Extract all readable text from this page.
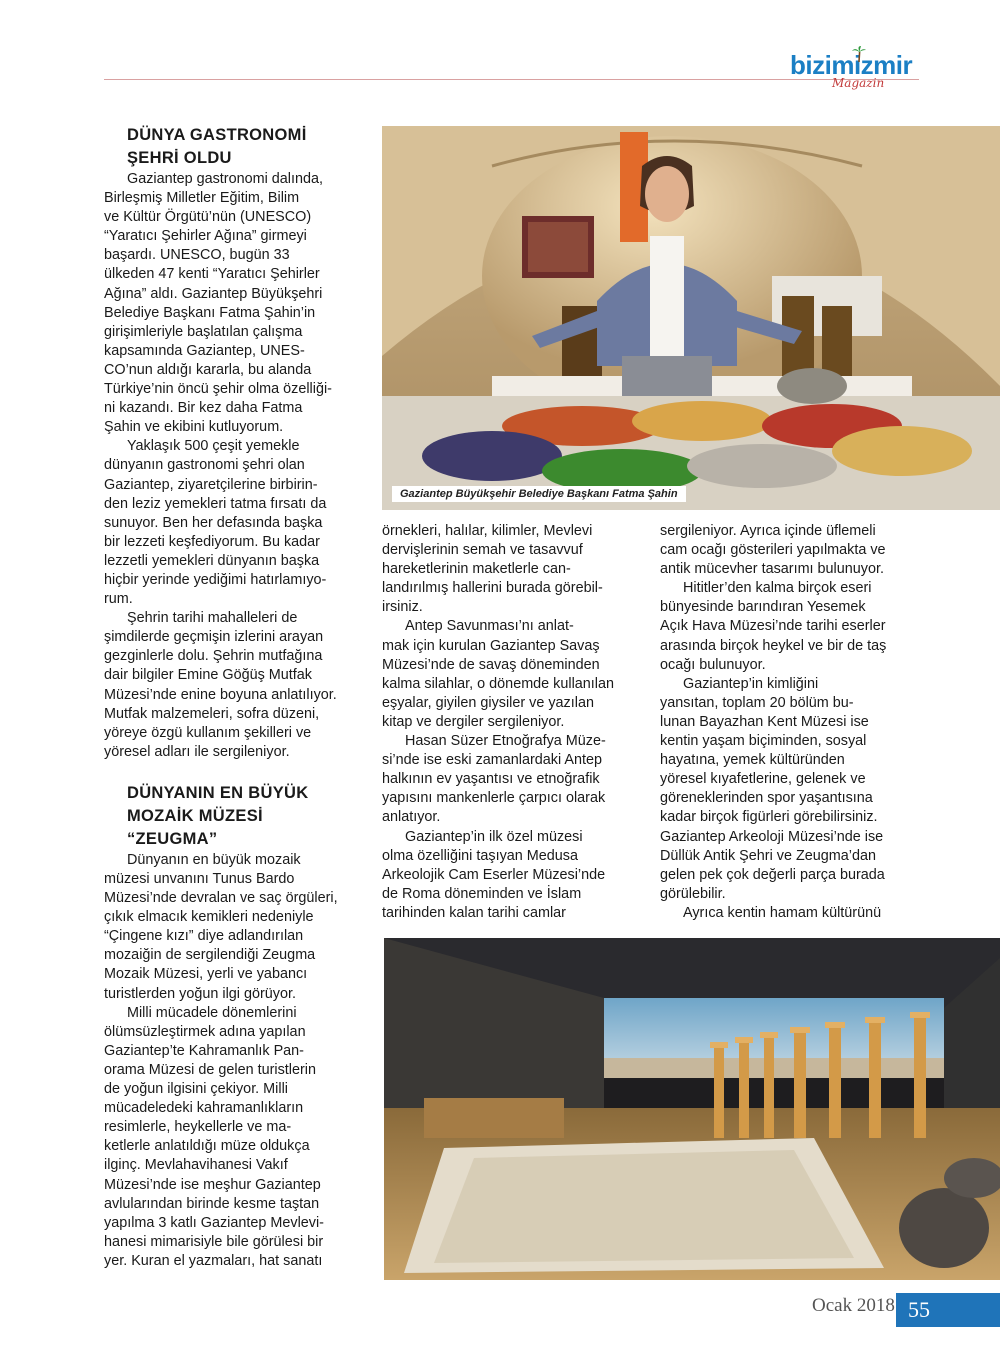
bizimizmir
Magazin
DÜNYA GASTRONOMİ
ŞEHRİ OLDU

Gaziantep gastronomi dalında,
Birleşmiş Milletler Eğitim, Bilim
ve Kültür Örgütü’nün (UNESCO)
“Yaratıcı Şehirler Ağına” girmeyi
başardı. UNESCO, bugün 33
ülkeden 47 kenti “Yaratıcı Şehirler
Ağına” aldı. Gaziantep Büyükşehri
Belediye Başkanı Fatma Şahin’in
girişimleriyle başlatılan çalışma
kapsamında Gaziantep, UNES-
CO’nun aldığı kararla, bu alanda
Türkiye’nin öncü şehir olma özelliği-
ni kazandı. Bir kez daha Fatma
Şahin ve ekibini kutluyorum.

Yaklaşık 500 çeşit yemekle
dünyanın gastronomi şehri olan
Gaziantep, ziyaretçilerine birbirin-
den leziz yemekleri tatma fırsatı da
sunuyor. Ben her defasında başka
bir lezzeti keşfediyorum. Bu kadar
lezzetli yemekleri dünyanın başka
hiçbir yerinde yediğimi hatırlamıyo-
rum.

Şehrin tarihi mahalleleri de
şimdilerde geçmişin izlerini arayan
gezginlerle dolu. Şehrin mutfağına
dair bilgiler Emine Göğüş Mutfak
Müzesi’nde enine boyuna anlatılıyor.
Mutfak malzemeleri, sofra düzeni,
yöreye özgü kullanım şekilleri ve
yöresel adları ile sergileniyor.

DÜNYANIN EN BÜYÜK
MOZAİK MÜZESİ
“ZEUGMA”

Dünyanın en büyük mozaik
müzesi unvanını Tunus Bardo
Müzesi’nde devralan ve saç örgüleri,
çıkık elmacık kemikleri nedeniyle
“Çingene kızı” diye adlandırılan
mozaiğin de sergilendiği Zeugma
Mozaik Müzesi, yerli ve yabancı
turistlerden yoğun ilgi görüyor.

Milli mücadele dönemlerini
ölümsüzleştirmek adına yapılan
Gaziantep’te Kahramanlık Pan-
orama Müzesi de gelen turistlerin
de yoğun ilgisini çekiyor. Milli
mücadeledeki kahramanlıkların
resimlerle, heykellerle ve ma-
ketlerle anlatıldığı müze oldukça
ilginç. Mevlahavihanesi Vakıf
Müzesi’nde ise meşhur Gaziantep
avlularından birinde kesme taştan
yapılma 3 katlı Gaziantep Mevlevi-
hanesi mimarisiyle bile görülesi bir
yer. Kuran el yazmaları, hat sanatı

Gaziantep Büyükşehir Belediye Başkanı Fatma Şahin

örnekleri, halılar, kilimler, Mevlevi
dervişlerinin semah ve tasavvuf
hareketlerinin maketlerle can-
landırılmış hallerini burada görebil-
irsiniz.

Antep Savunması’nı anlat-
mak için kurulan Gaziantep Savaş
Müzesi’nde de savaş döneminden
kalma silahlar, o dönemde kullanılan
eşyalar, giyilen giysiler ve yazılan
kitap ve dergiler sergileniyor.

Hasan Süzer Etnoğrafya Müze-
si’nde ise eski zamanlardaki Antep
halkının ev yaşantısı ve etnoğrafik
yapısını mankenlerle çarpıcı olarak
anlatıyor.

Gaziantep’in ilk özel müzesi
olma özelliğini taşıyan Medusa
Arkeolojik Cam Eserler Müzesi’nde
de Roma döneminden ve İslam
tarihinden kalan tarihi camlar

sergileniyor. Ayrıca içinde üflemeli
cam ocağı gösterileri yapılmakta ve
antik mücevher tasarımı bulunuyor.

Hititler’den kalma birçok eseri
bünyesinde barındıran Yesemek
Açık Hava Müzesi’nde tarihi eserler
arasında birçok heykel ve bir de taş
ocağı bulunuyor.

Gaziantep’in kimliğini
yansıtan, toplam 20 bölüm bu-
lunan Bayazhan Kent Müzesi ise
kentin yaşam biçiminden, sosyal
hayatına, yemek kültüründen
yöresel kıyafetlerine, gelenek ve
göreneklerinden spor yaşantısına
kadar birçok figürleri görebilirsiniz.
Gaziantep Arkeoloji Müzesi’nde ise
Düllük Antik Şehri ve Zeugma’dan
gelen pek çok değerli parça burada
görülebilir.

Ayrıca kentin hamam kültürünü

Ocak 2018 55
